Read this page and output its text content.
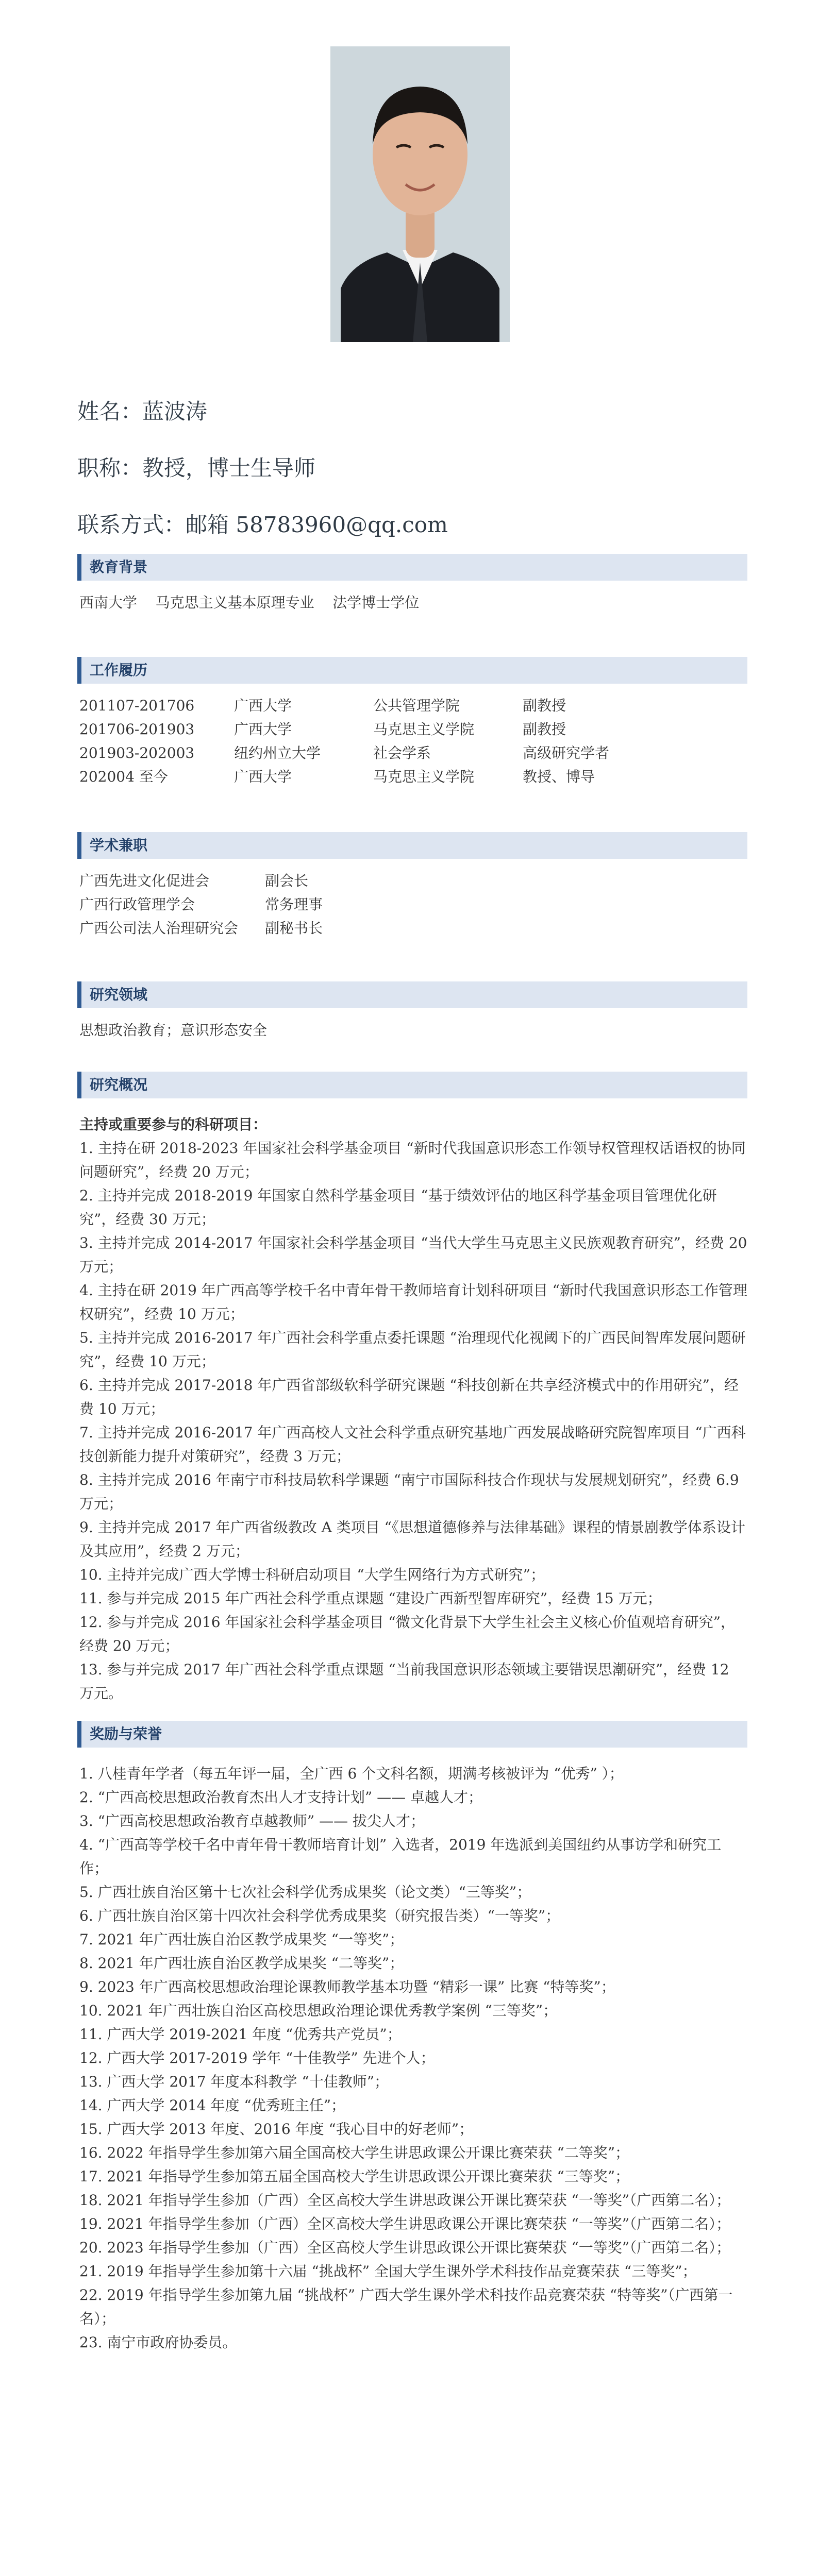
姓名：蓝波涛
职称：教授，博士生导师
联系方式：邮箱 58783960@qq.com
教育背景
西南大学    马克思主义基本原理专业    法学博士学位
工作履历
201107-201706	广西大学	公共管理学院	副教授
201706-201903	广西大学	马克思主义学院	副教授
201903-202003	纽约州立大学	社会学系	高级研究学者
202004 至今	广西大学	马克思主义学院	教授、博导
学术兼职
广西先进文化促进会	副会长
广西行政管理学会	常务理事
广西公司法人治理研究会 副秘书长
研究领域
思想政治教育；意识形态安全
研究概况

主持或重要参与的科研项目：

1. 主持在研 2018-2023 年国家社会科学基金项目 “新时代我国意识形态工作领导权管理权话语权的协同问题研究”，经费 20 万元；

2. 主持并完成 2018-2019 年国家自然科学基金项目 “基于绩效评估的地区科学基金项目管理优化研究”，经费 30 万元；

3. 主持并完成 2014-2017 年国家社会科学基金项目 “当代大学生马克思主义民族观教育研究”，经费 20 万元；

4. 主持在研 2019 年广西高等学校千名中青年骨干教师培育计划科研项目 “新时代我国意识形态工作管理权研究”，经费 10 万元；

5. 主持并完成 2016-2017 年广西社会科学重点委托课题 “治理现代化视阈下的广西民间智库发展问题研究”，经费 10 万元；

6. 主持并完成 2017-2018 年广西省部级软科学研究课题 “科技创新在共享经济模式中的作用研究”，经费 10 万元；

7. 主持并完成 2016-2017 年广西高校人文社会科学重点研究基地广西发展战略研究院智库项目 “广西科技创新能力提升对策研究”，经费 3 万元；

8. 主持并完成 2016 年南宁市科技局软科学课题 “南宁市国际科技合作现状与发展规划研究”，经费 6.9 万元；

9. 主持并完成 2017 年广西省级教改 A 类项目 “《思想道德修养与法律基础》课程的情景剧教学体系设计及其应用”，经费 2 万元；

10. 主持并完成广西大学博士科研启动项目 “大学生网络行为方式研究”；

11. 参与并完成 2015 年广西社会科学重点课题 “建设广西新型智库研究”，经费 15 万元；

12. 参与并完成 2016 年国家社会科学基金项目 “微文化背景下大学生社会主义核心价值观培育研究”，经费 20 万元；

13. 参与并完成 2017 年广西社会科学重点课题 “当前我国意识形态领域主要错误思潮研究”，经费 12 万元。

奖励与荣誉

1. 八桂青年学者（每五年评一届，全广西 6 个文科名额，期满考核被评为 “优秀” ）；

2. “广西高校思想政治教育杰出人才支持计划” —— 卓越人才；

3. “广西高校思想政治教育卓越教师” —— 拔尖人才；

4. “广西高等学校千名中青年骨干教师培育计划” 入选者，2019 年选派到美国纽约从事访学和研究工作；

5. 广西壮族自治区第十七次社会科学优秀成果奖（论文类）“三等奖”；

6. 广西壮族自治区第十四次社会科学优秀成果奖（研究报告类）“一等奖”；

7. 2021 年广西壮族自治区教学成果奖 “一等奖”；

8. 2021 年广西壮族自治区教学成果奖 “二等奖”；

9. 2023 年广西高校思想政治理论课教师教学基本功暨 “精彩一课” 比赛 “特等奖”；

10. 2021 年广西壮族自治区高校思想政治理论课优秀教学案例 “三等奖”；

11. 广西大学 2019-2021 年度 “优秀共产党员”；

12. 广西大学 2017-2019 学年 “十佳教学” 先进个人；

13. 广西大学 2017 年度本科教学 “十佳教师”；

14. 广西大学 2014 年度 “优秀班主任”；

15. 广西大学 2013 年度、2016 年度 “我心目中的好老师”；

16. 2022 年指导学生参加第六届全国高校大学生讲思政课公开课比赛荣获 “二等奖”；

17. 2021 年指导学生参加第五届全国高校大学生讲思政课公开课比赛荣获 “三等奖”；

18. 2021 年指导学生参加（广西）全区高校大学生讲思政课公开课比赛荣获 “一等奖”（广西第二名）；

19. 2021 年指导学生参加（广西）全区高校大学生讲思政课公开课比赛荣获 “一等奖”（广西第二名）；

20. 2023 年指导学生参加（广西）全区高校大学生讲思政课公开课比赛荣获 “一等奖”（广西第二名）；

21. 2019 年指导学生参加第十六届 “挑战杯” 全国大学生课外学术科技作品竞赛荣获 “三等奖”；

22. 2019 年指导学生参加第九届 “挑战杯” 广西大学生课外学术科技作品竞赛荣获 “特等奖”（广西第一名）；

23. 南宁市政府协委员。
